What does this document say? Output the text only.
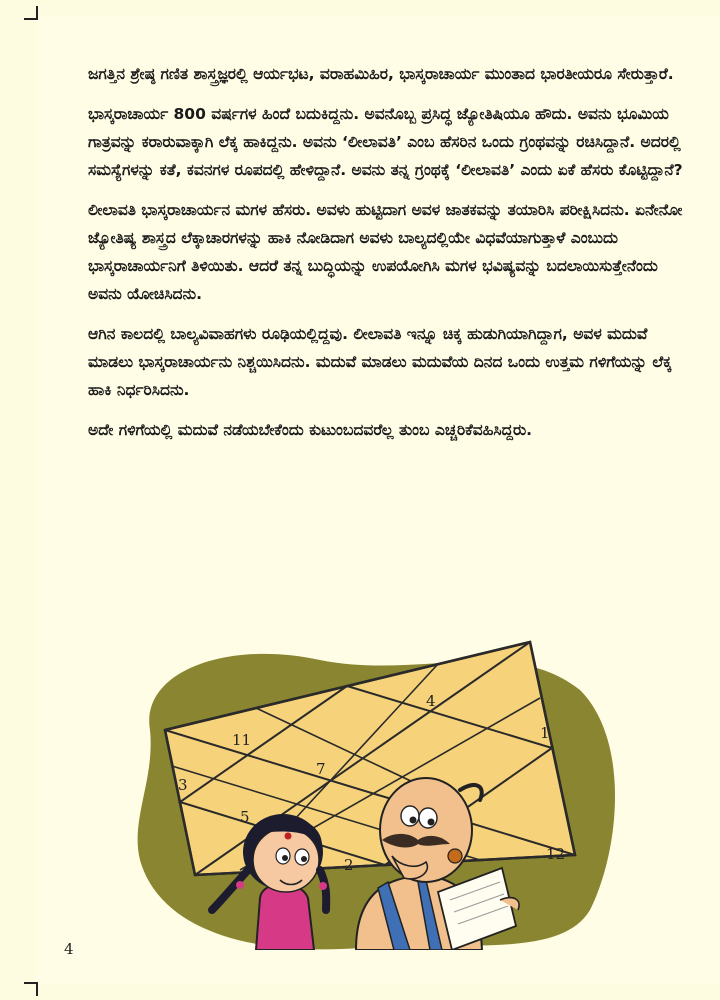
ಜಗತ್ತಿನ ಶ್ರೇಷ್ಠ ಗಣಿತ ಶಾಸ್ತ್ರಜ್ಞರಲ್ಲಿ ಆರ್ಯಭಟ, ವರಾಹಮಿಹಿರ, ಭಾಸ್ಕರಾಚಾರ್ಯ ಮುಂತಾದ ಭಾರತೀಯರೂ ಸೇರುತ್ತಾರೆ.

ಭಾಸ್ಕರಾಚಾರ್ಯ 800 ವರ್ಷಗಳ ಹಿಂದೆ ಬದುಕಿದ್ದನು. ಅವನೊಬ್ಬ ಪ್ರಸಿದ್ಧ ಜ್ಯೋತಿಷಿಯೂ ಹೌದು. ಅವನು ಭೂಮಿಯ ಗಾತ್ರವನ್ನು ಕರಾರುವಾಕ್ಕಾಗಿ ಲೆಕ್ಕ ಹಾಕಿದ್ದನು. ಅವನು ‘ಲೀಲಾವತಿ’ ಎಂಬ ಹೆಸರಿನ ಒಂದು ಗ್ರಂಥವನ್ನು ರಚಿಸಿದ್ದಾನೆ. ಅದರಲ್ಲಿ ಸಮಸ್ಯೆಗಳನ್ನು ಕತೆ, ಕವನಗಳ ರೂಪದಲ್ಲಿ ಹೇಳಿದ್ದಾನೆ. ಅವನು ತನ್ನ ಗ್ರಂಥಕ್ಕೆ ‘ಲೀಲಾವತಿ’ ಎಂದು ಏಕೆ ಹೆಸರು ಕೊಟ್ಟಿದ್ದಾನೆ?

ಲೀಲಾವತಿ ಭಾಸ್ಕರಾಚಾರ್ಯನ ಮಗಳ ಹೆಸರು. ಅವಳು ಹುಟ್ಟಿದಾಗ ಅವಳ ಜಾತಕವನ್ನು ತಯಾರಿಸಿ ಪರೀಕ್ಷಿಸಿದನು. ಏನೇನೋ ಜ್ಯೋತಿಷ್ಯ ಶಾಸ್ತ್ರದ ಲೆಕ್ಕಾಚಾರಗಳನ್ನು ಹಾಕಿ ನೋಡಿದಾಗ ಅವಳು ಬಾಲ್ಯದಲ್ಲಿಯೇ ವಿಧವೆಯಾಗುತ್ತಾಳೆ ಎಂಬುದು ಭಾಸ್ಕರಾಚಾರ್ಯನಿಗೆ ತಿಳಿಯಿತು. ಆದರೆ ತನ್ನ ಬುದ್ಧಿಯನ್ನು ಉಪಯೋಗಿಸಿ ಮಗಳ ಭವಿಷ್ಯವನ್ನು ಬದಲಾಯಿಸುತ್ತೇನೆಂದು ಅವನು ಯೋಚಿಸಿದನು.

ಆಗಿನ ಕಾಲದಲ್ಲಿ ಬಾಲ್ಯವಿವಾಹಗಳು ರೂಢಿಯಲ್ಲಿದ್ದವು. ಲೀಲಾವತಿ ಇನ್ನೂ ಚಿಕ್ಕ ಹುಡುಗಿಯಾಗಿದ್ದಾಗ, ಅವಳ ಮದುವೆ ಮಾಡಲು ಭಾಸ್ಕರಾಚಾರ್ಯನು ನಿಶ್ಚಯಿಸಿದನು. ಮದುವೆ ಮಾಡಲು ಮದುವೆಯ ದಿನದ ಒಂದು ಉತ್ತಮ ಗಳಿಗೆಯನ್ನು ಲೆಕ್ಕ ಹಾಕಿ ನಿರ್ಧರಿಸಿದನು.

ಅದೇ ಗಳಿಗೆಯಲ್ಲಿ ಮದುವೆ ನಡೆಯಬೇಕೆಂದು ಕುಟುಂಬದವರೆಲ್ಲ ತುಂಬ ಎಚ್ಚರಿಕೆವಹಿಸಿದ್ದರು.

1
2
3
4
5
7
11
12
4
